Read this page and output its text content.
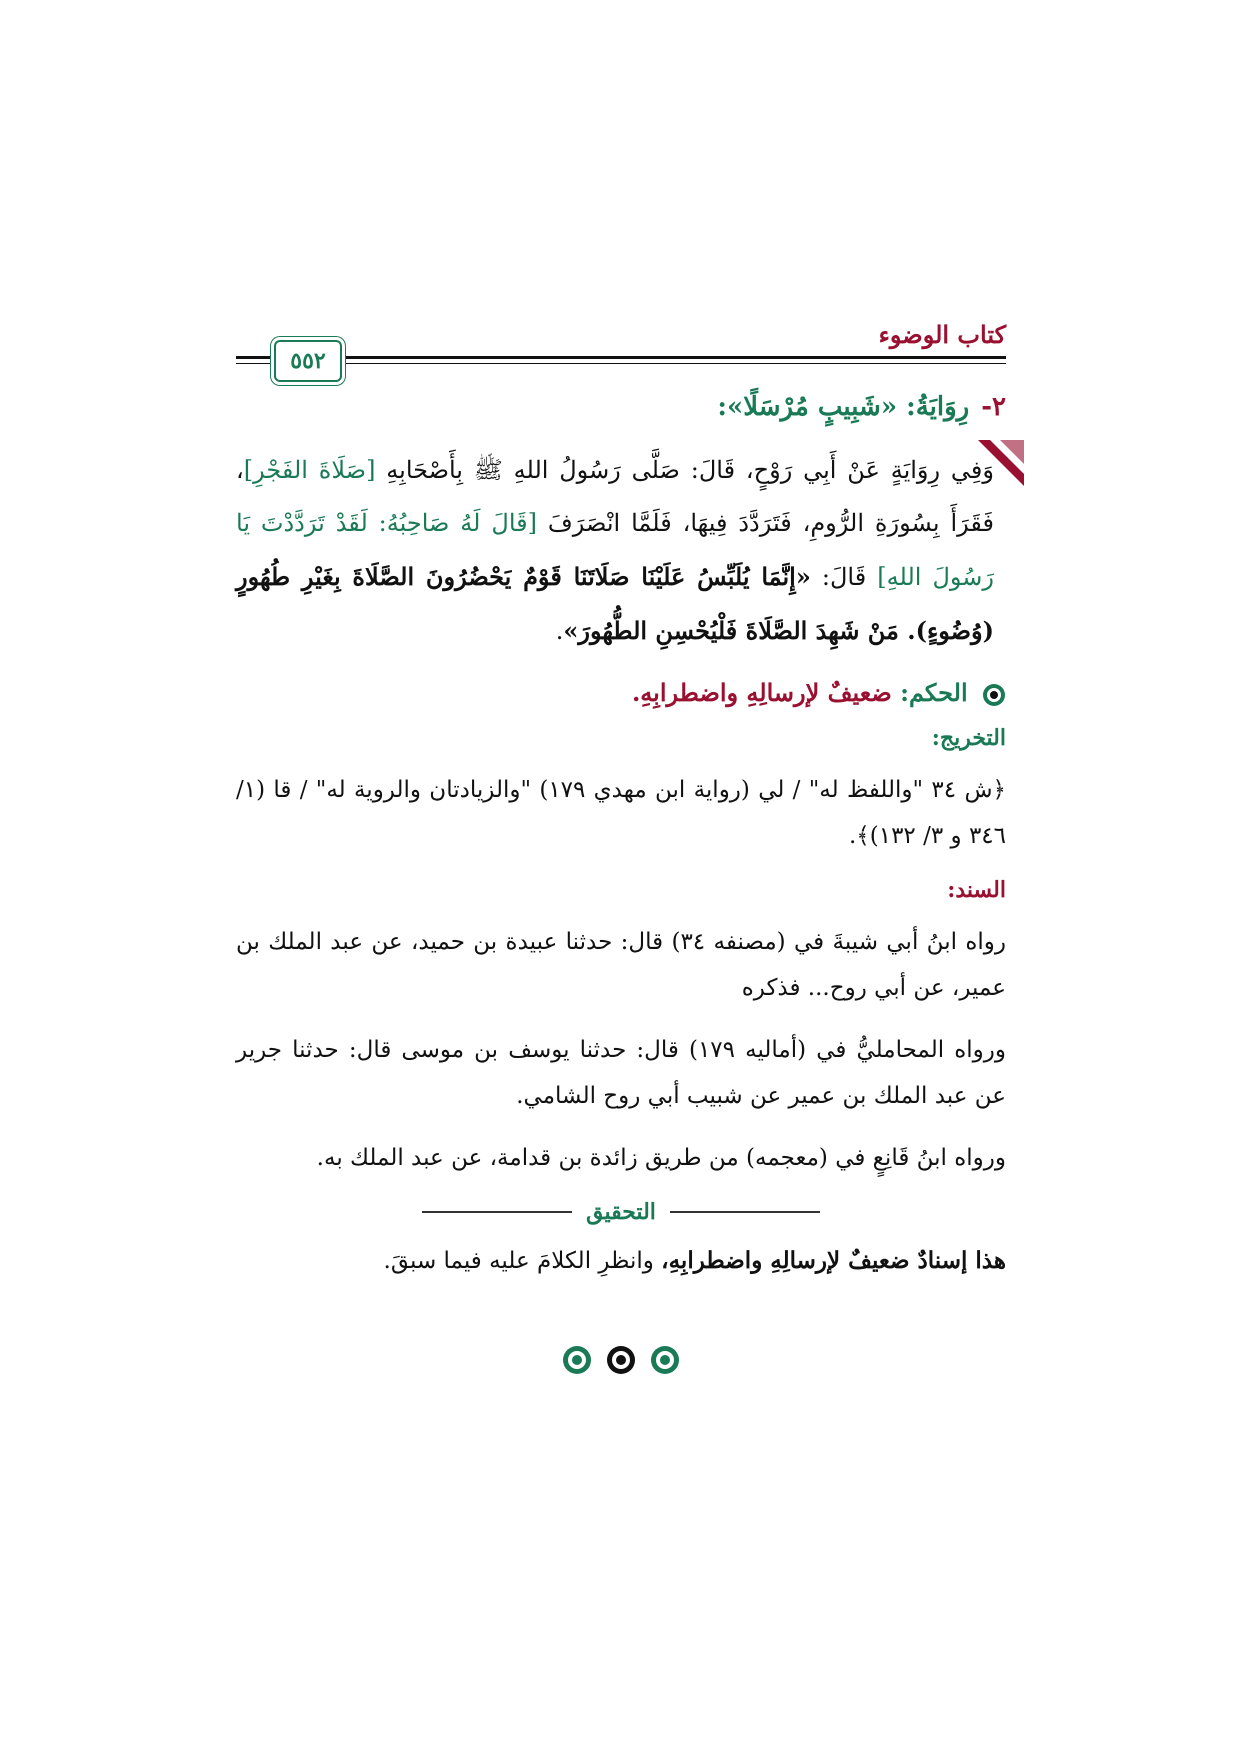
كتاب الوضوء
٥٥٢
٢-رِوَايَةُ: «شَبِيبٍ مُرْسَلًا»:
وَفِي رِوَايَةٍ عَنْ أَبِي رَوْحٍ، قَالَ: صَلَّى رَسُولُ اللهِ ﷺ بِأَصْحَابِهِ [صَلَاةَ الفَجْرِ]، فَقَرَأَ بِسُورَةِ الرُّومِ، فَتَرَدَّدَ فِيهَا، فَلَمَّا انْصَرَفَ [قَالَ لَهُ صَاحِبُهُ: لَقَدْ تَرَدَّدْتَ يَا رَسُولَ اللهِ] قَالَ: «إِنَّمَا يُلَبِّسُ عَلَيْنَا صَلَاتَنَا قَوْمٌ يَحْضُرُونَ الصَّلَاةَ بِغَيْرِ طُهُورٍ (وُضُوءٍ). مَنْ شَهِدَ الصَّلَاةَ فَلْيُحْسِنِ الطُّهُورَ».
الحكم: ضعيفٌ لإرسالِهِ واضطرابِهِ.
التخريج:
﴿ش ٣٤ "واللفظ له" / لي (رواية ابن مهدي ١٧٩) "والزيادتان والروية له" / قا (١/ ٣٤٦ و ٣/ ١٣٢)﴾.
السند:
رواه ابنُ أبي شيبةَ في (مصنفه ٣٤) قال: حدثنا عبيدة بن حميد، عن عبد الملك بن عمير، عن أبي روح... فذكره
ورواه المحامليُّ في (أماليه ١٧٩) قال: حدثنا يوسف بن موسى قال: حدثنا جرير عن عبد الملك بن عمير عن شبيب أبي روح الشامي.
ورواه ابنُ قَانِعٍ في (معجمه) من طريق زائدة بن قدامة، عن عبد الملك به.
التحقيق
هذا إسنادٌ ضعيفٌ لإرسالِهِ واضطرابِهِ، وانظرِ الكلامَ عليه فيما سبقَ.
